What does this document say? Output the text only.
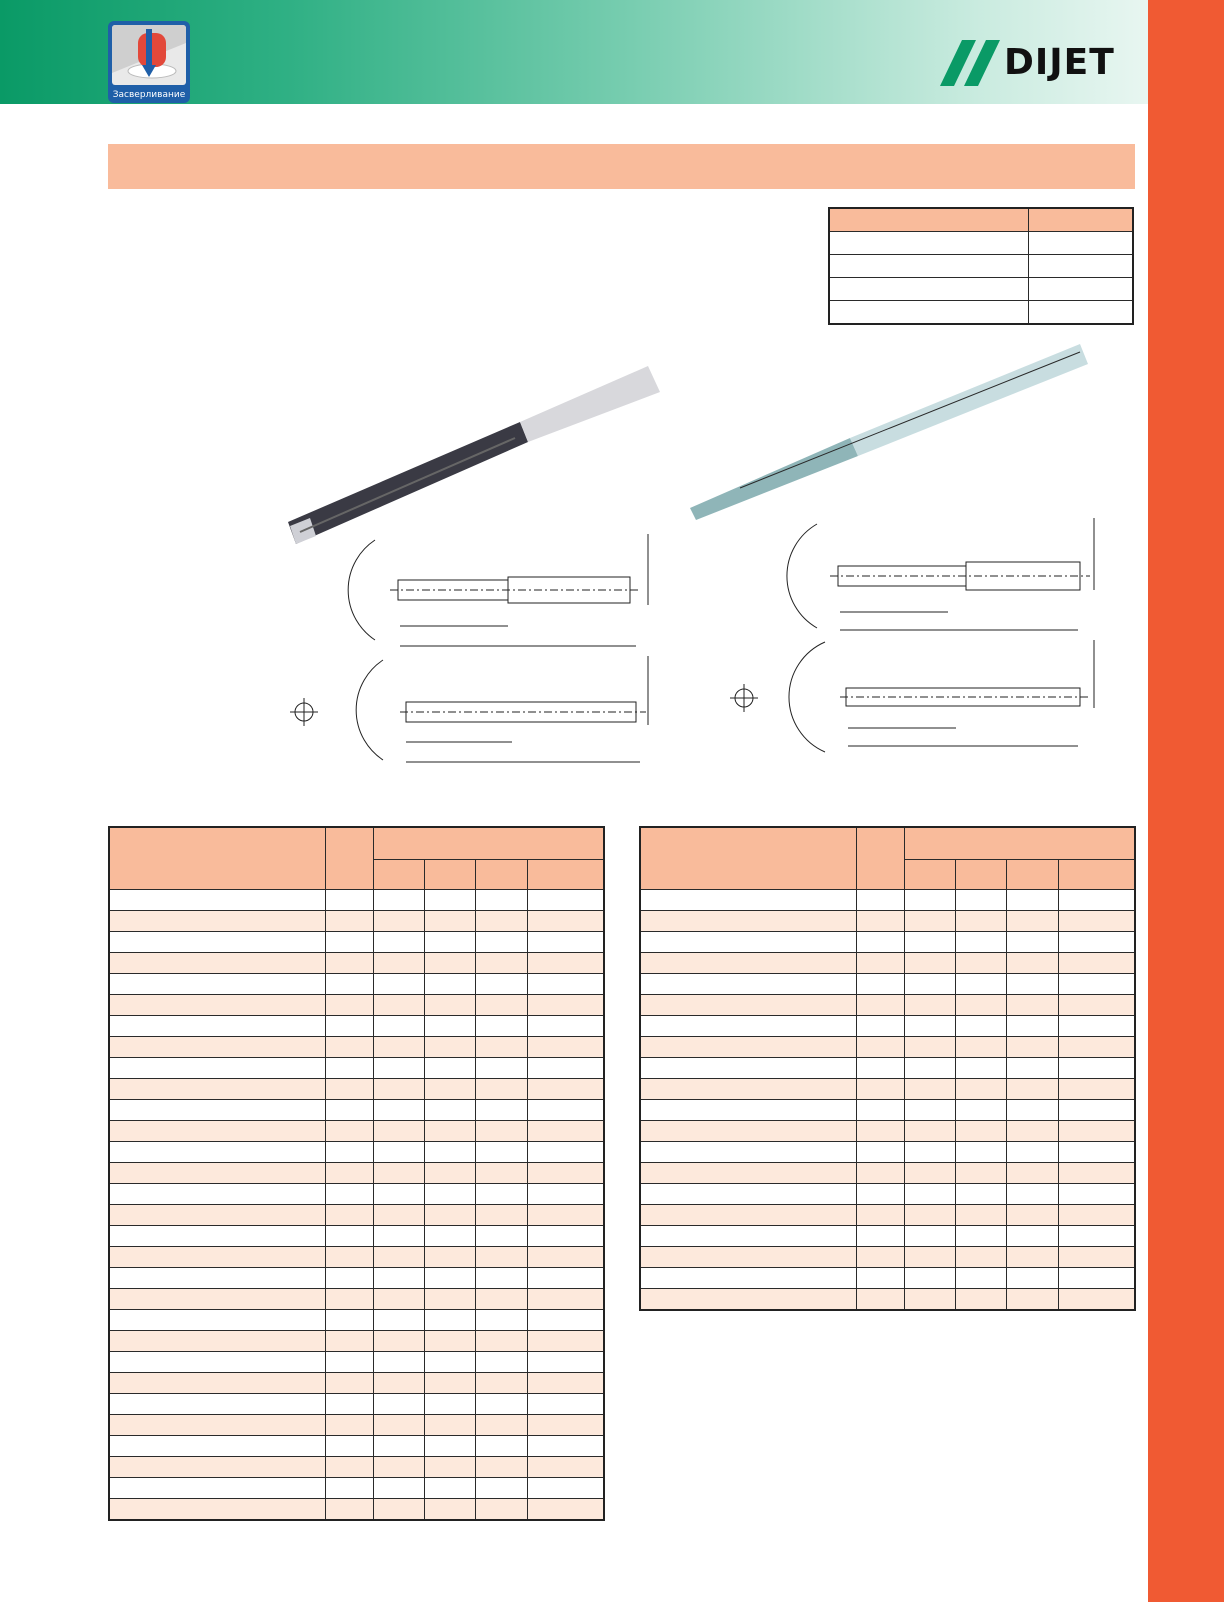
Засверливание
DIJET
